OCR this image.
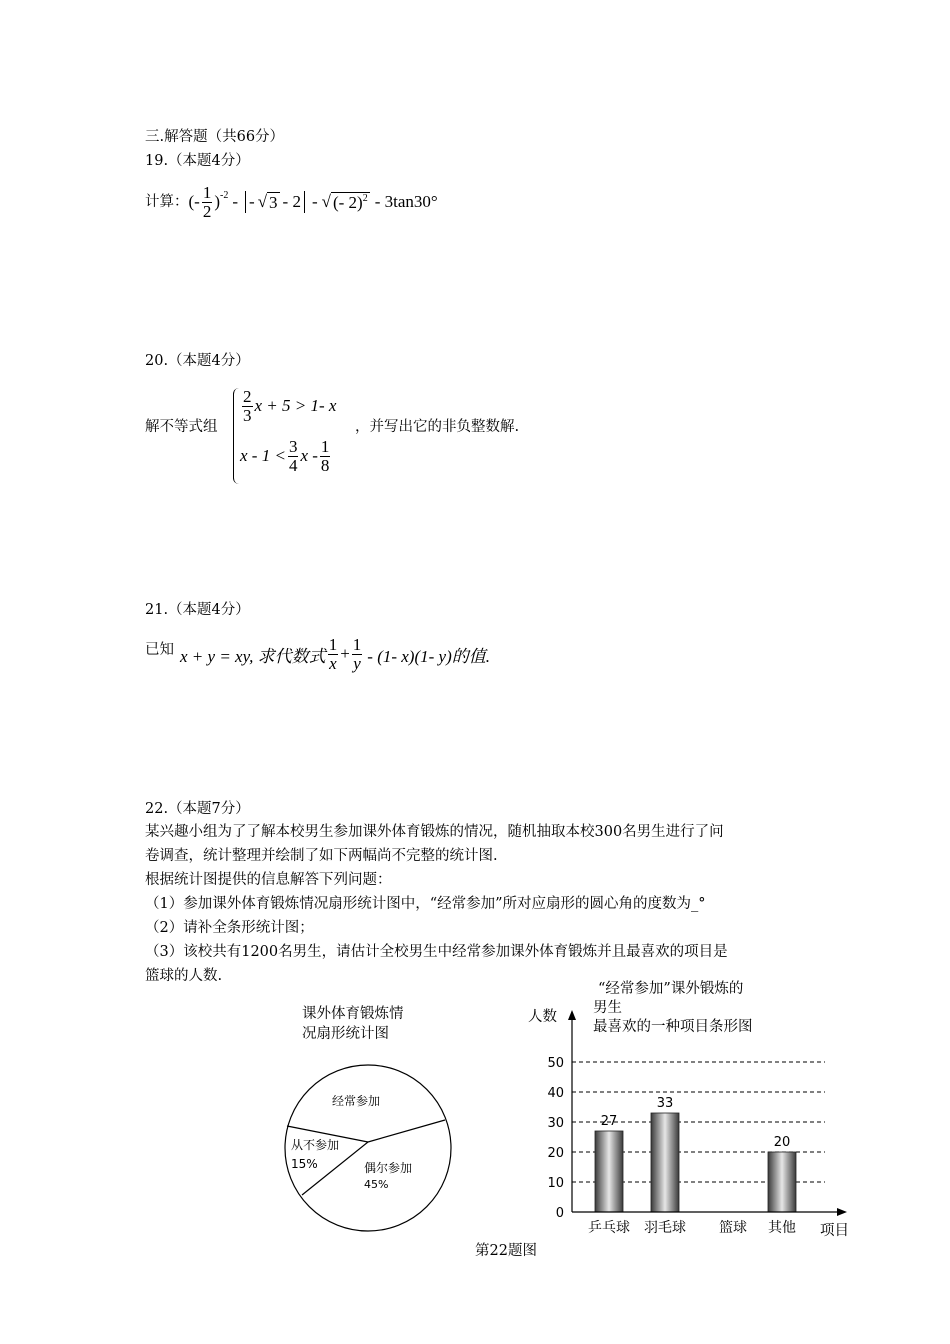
三.解答题（共66分）
19.（本题4分）
计算： (- $\frac{1}{2}$ ) -2 - - √ 3 - 2 - √ (- 2)$^2$ - 3tan30°
20.（本题4分）
解不等式组
$\frac{2}{3}$ x + 5 > 1- x
$x - 1 < \frac{3}{4}$ x - $\frac{1}{8}$
，并写出它的非负整数解.
21.（本题4分）
已知 x + y = xy, 求代数式 $\frac{1}{x} + \frac{1}{y} - (1-$ x)(1- y)的值.
22.（本题7分）
某兴趣小组为了了解本校男生参加课外体育锻炼的情况，随机抽取本校300名男生进行了问
卷调查，统计整理并绘制了如下两幅尚不完整的统计图.
根据统计图提供的信息解答下列问题：
（1）参加课外体育锻炼情况扇形统计图中，“经常参加”所对应扇形的圆心角的度数为_°
（2）请补全条形统计图；
（3）该校共有1200名男生，请估计全校男生中经常参加课外体育锻炼并且最喜欢的项目是
篮球的人数.
课外体育锻炼情
况扇形统计图
经常参加
从不参加
15%	偶尔参加
45%
“经常参加”课外锻炼的
男生
最喜欢的一种项目条形图
人数
27
33
20
0
10
20
30
40
50
乒乓球 羽毛球 篮球 其他 项目
第22题图
